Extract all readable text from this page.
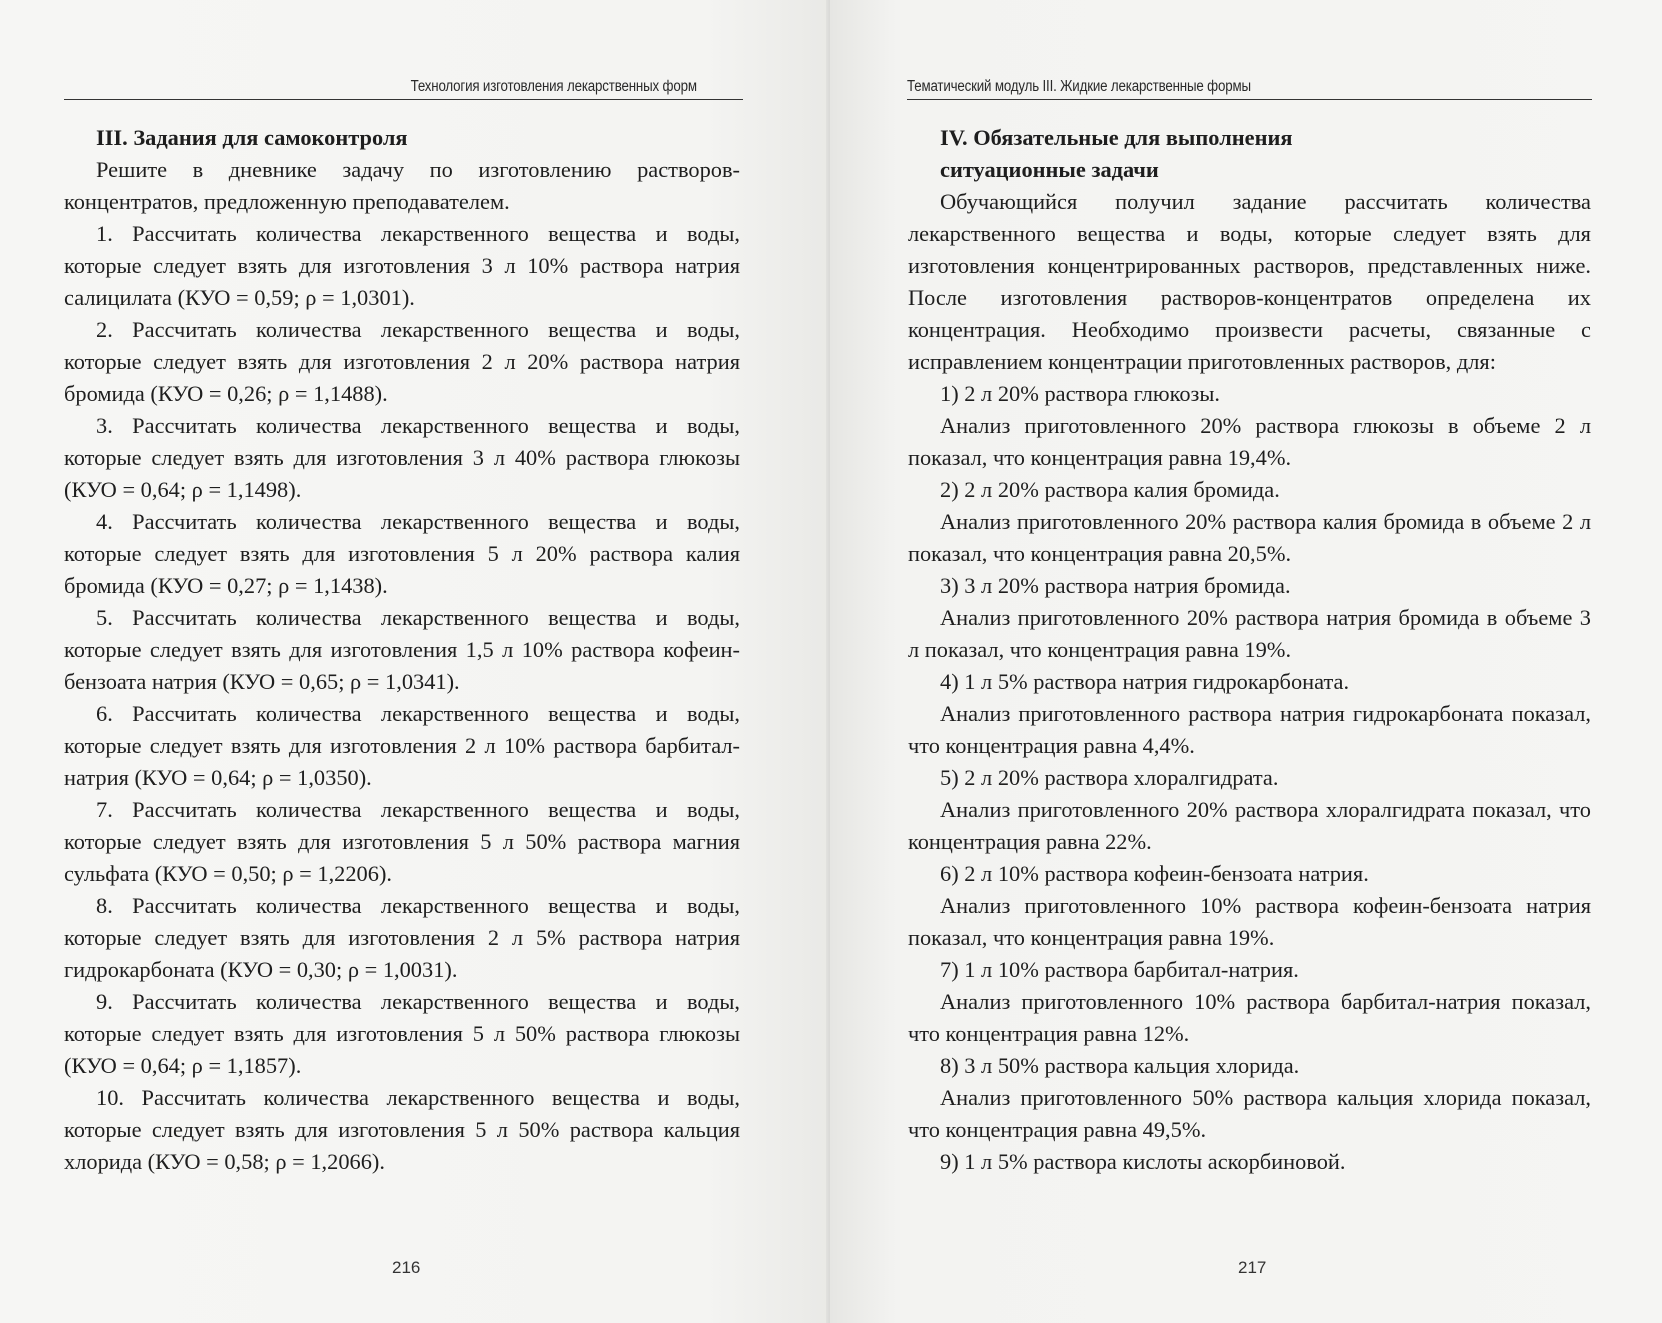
Технология изготовления лекарственных форм
III. Задания для самоконтроля

Решите в дневнике задачу по изготовлению растворов-концентратов, предложенную преподавателем.

1. Рассчитать количества лекарственного вещества и воды, которые следует взять для изготовления 3 л 10% раствора натрия салицилата (КУО = 0,59; ρ = 1,0301).

2. Рассчитать количества лекарственного вещества и воды, которые следует взять для изготовления 2 л 20% раствора натрия бромида (КУО = 0,26; ρ = 1,1488).

3. Рассчитать количества лекарственного вещества и воды, которые следует взять для изготовления 3 л 40% раствора глюкозы (КУО = 0,64; ρ = 1,1498).

4. Рассчитать количества лекарственного вещества и воды, которые следует взять для изготовления 5 л 20% раствора калия бромида (КУО = 0,27; ρ = 1,1438).

5. Рассчитать количества лекарственного вещества и воды, которые следует взять для изготовления 1,5 л 10% раствора кофеин-бензоата натрия (КУО = 0,65; ρ = 1,0341).

6. Рассчитать количества лекарственного вещества и воды, которые следует взять для изготовления 2 л 10% раствора барбитал-натрия (КУО = 0,64; ρ = 1,0350).

7. Рассчитать количества лекарственного вещества и воды, которые следует взять для изготовления 5 л 50% раствора магния сульфата (КУО = 0,50; ρ = 1,2206).

8. Рассчитать количества лекарственного вещества и воды, которые следует взять для изготовления 2 л 5% раствора натрия гидрокарбоната (КУО = 0,30; ρ = 1,0031).

9. Рассчитать количества лекарственного вещества и воды, которые следует взять для изготовления 5 л 50% раствора глюкозы (КУО = 0,64; ρ = 1,1857).

10. Рассчитать количества лекарственного вещества и воды, которые следует взять для изготовления 5 л 50% раствора кальция хлорида (КУО = 0,58; ρ = 1,2066).

216
Тематический модуль III. Жидкие лекарственные формы
IV. Обязательные для выполнения
ситуационные задачи

Обучающийся получил задание рассчитать количества лекарственного вещества и воды, которые следует взять для изготовления концентрированных растворов, представленных ниже. После изготовления растворов-концентратов определена их концентрация. Необходимо произвести расчеты, связанные с исправлением концентрации приготовленных растворов, для:

1) 2 л 20% раствора глюкозы.

Анализ приготовленного 20% раствора глюкозы в объеме 2 л показал, что концентрация равна 19,4%.

2) 2 л 20% раствора калия бромида.

Анализ приготовленного 20% раствора калия бромида в объеме 2 л показал, что концентрация равна 20,5%.

3) 3 л 20% раствора натрия бромида.

Анализ приготовленного 20% раствора натрия бромида в объеме 3 л показал, что концентрация равна 19%.

4) 1 л 5% раствора натрия гидрокарбоната.

Анализ приготовленного раствора натрия гидрокарбоната показал, что концентрация равна 4,4%.

5) 2 л 20% раствора хлоралгидрата.

Анализ приготовленного 20% раствора хлоралгидрата показал, что концентрация равна 22%.

6) 2 л 10% раствора кофеин-бензоата натрия.

Анализ приготовленного 10% раствора кофеин-бензоата натрия показал, что концентрация равна 19%.

7) 1 л 10% раствора барбитал-натрия.

Анализ приготовленного 10% раствора барбитал-натрия показал, что концентрация равна 12%.

8) 3 л 50% раствора кальция хлорида.

Анализ приготовленного 50% раствора кальция хлорида показал, что концентрация равна 49,5%.

9) 1 л 5% раствора кислоты аскорбиновой.

217
